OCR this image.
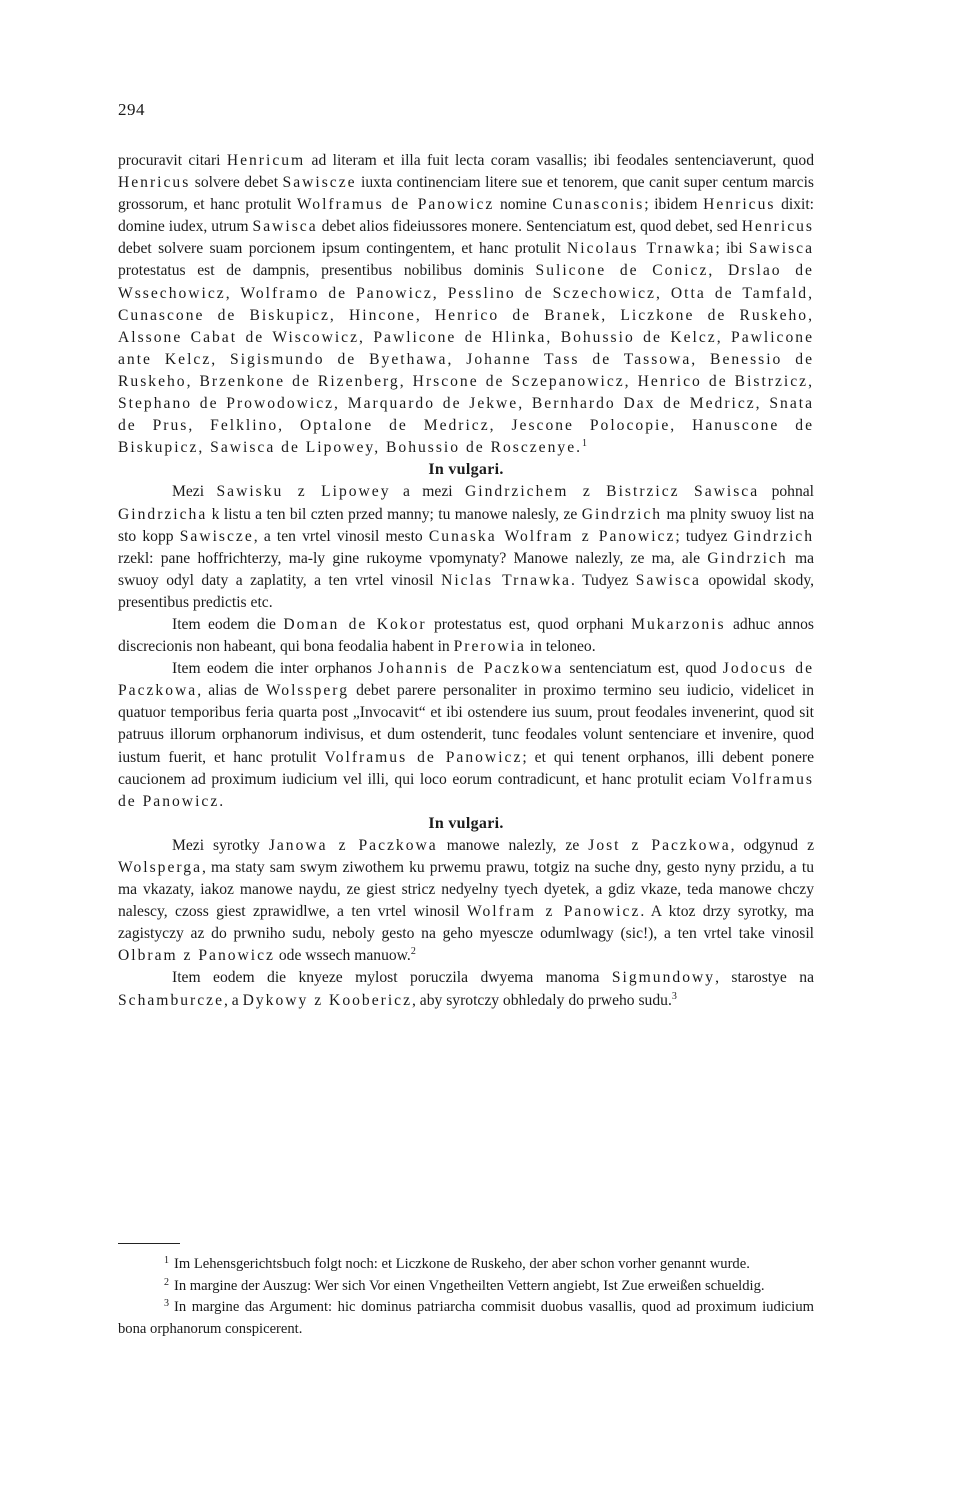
294

procuravit citari Henricum ad literam et illa fuit lecta coram vasallis; ibi feodales sentenciaverunt, quod Henricus solvere debet Sawiscze iuxta continenciam litere sue et tenorem, que canit super centum marcis grossorum, et hanc protulit Wolframus de Panowicz nomine Cunasconis; ibidem Henricus dixit: domine iudex, utrum Sawisca debet alios fideiussores monere. Sentenciatum est, quod debet, sed Henricus debet solvere suam porcionem ipsum contingentem, et hanc protulit Nicolaus Trnawka; ibi Sawisca protestatus est de dampnis, presentibus nobilibus dominis Sulicone de Conicz, Drslao de Wssechowicz, Wolframo de Panowicz, Pesslino de Sczechowicz, Otta de Tamfald, Cunascone de Biskupicz, Hincone, Henrico de Branek, Liczkone de Ruskeho, Alssone Cabat de Wiscowicz, Pawlicone de Hlinka, Bohussio de Kelcz, Pawlicone ante Kelcz, Sigismundo de Byethawa, Johanne Tass de Tassowa, Benessio de Ruskeho, Brzenkone de Rizenberg, Hrscone de Sczepanowicz, Henrico de Bistrzicz, Stephano de Prowodowicz, Marquardo de Jekwe, Bernhardo Dax de Medricz, Snata de Prus, Felklino, Optalone de Medricz, Jescone Polocopie, Hanuscone de Biskupicz, Sawisca de Lipowey, Bohussio de Rosczenye.$^1$

In vulgari.

Mezi Sawisku z Lipowey a mezi Gindrzichem z Bistrzicz Sawisca pohnal Gindrzicha k listu a ten bil czten przed manny; tu manowe nalesly, ze Gindrzich ma plnity swuoy list na sto kopp Sawiscze, a ten vrtel vinosil mesto Cunaska Wolfram z Panowicz; tudyez Gindrzich rzekl: pane hoffrichterzy, ma-ly gine rukoyme vpomynaty? Manowe nalezly, ze ma, ale Gindrzich ma swuoy odyl daty a zaplatity, a ten vrtel vinosil Niclas Trnawka. Tudyez Sawisca opowidal skody, presentibus predictis etc.

Item eodem die Doman de Kokor protestatus est, quod orphani Mukarzonis adhuc annos discrecionis non habeant, qui bona feodalia habent in Prerowia in teloneo.

Item eodem die inter orphanos Johannis de Paczkowa sentenciatum est, quod Jodocus de Paczkowa, alias de Wolssperg debet parere personaliter in proximo termino seu iudicio, videlicet in quatuor temporibus feria quarta post „Invocavit“ et ibi ostendere ius suum, prout feodales invenerint, quod sit patruus illorum orphanorum indivisus, et dum ostenderit, tunc feodales volunt sentenciare et invenire, quod iustum fuerit, et hanc protulit Volframus de Panowicz; et qui tenent orphanos, illi debent ponere caucionem ad proximum iudicium vel illi, qui loco eorum contradicunt, et hanc protulit eciam Volframus de Panowicz.

In vulgari.

Mezi syrotky Janowa z Paczkowa manowe nalezly, ze Jost z Paczkowa, odgynud z Wolsperga, ma staty sam swym ziwothem ku prwemu prawu, totgiz na suche dny, gesto nyny przidu, a tu ma vkazaty, iakoz manowe naydu, ze giest stricz nedyelny tyech dyetek, a gdiz vkaze, teda manowe chczy nalescy, czoss giest zprawidlwe, a ten vrtel winosil Wolfram z Panowicz. A ktoz drzy syrotky, ma zagistyczy az do prwniho sudu, neboly gesto na geho myescze odumlwagy (sic!), a ten vrtel take vinosil Olbram z Panowicz ode wssech manuow.$^2$

Item eodem die knyeze mylost poruczila dwyema manoma Sigmundowy, starostye na Schamburcze, a Dykowy z Koobericz, aby syrotczy obhledaly do prweho sudu.$^3$

$^1$ Im Lehensgerichtsbuch folgt noch: et Liczkone de Ruskeho, der aber schon vorher genannt wurde.

$^2$ In margine der Auszug: Wer sich Vor einen Vngetheilten Vettern angiebt, Ist Zue erweißen schueldig.

$^3$ In margine das Argument: hic dominus patriarcha commisit duobus vasallis, quod ad proximum iudicium bona orphanorum conspicerent.
